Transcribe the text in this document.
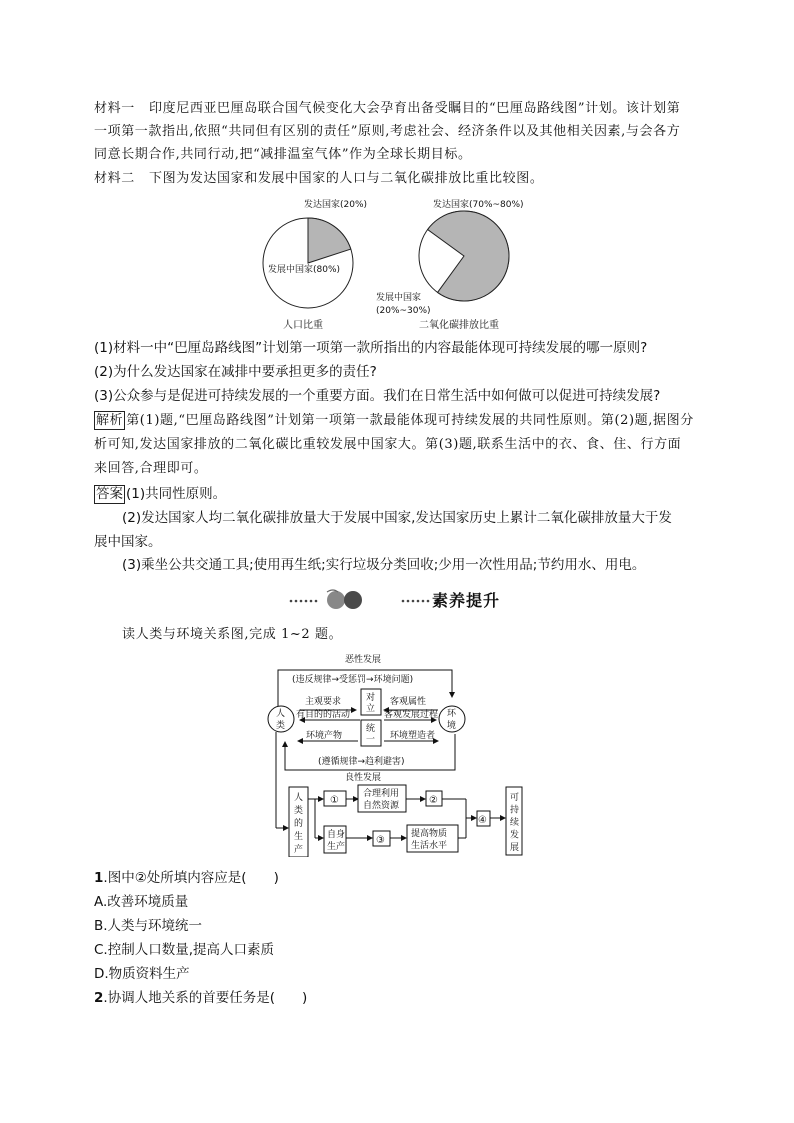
材料一 印度尼西亚巴厘岛联合国气候变化大会孕育出备受瞩目的“巴厘岛路线图”计划。该计划第
一项第一款指出,依照“共同但有区别的责任”原则,考虑社会、经济条件以及其他相关因素,与会各方
同意长期合作,共同行动,把“减排温室气体”作为全球长期目标。
材料二 下图为发达国家和发展中国家的人口与二氧化碳排放比重比较图。
发达国家(20%)
发展中国家(80%)
人口比重
发达国家(70%~80%)
发展中国家
(20%~30%)
二氧化碳排放比重
(1)材料一中“巴厘岛路线图”计划第一项第一款所指出的内容最能体现可持续发展的哪一原则?
(2)为什么发达国家在减排中要承担更多的责任?
(3)公众参与是促进可持续发展的一个重要方面。我们在日常生活中如何做可以促进可持续发展?
解析 第(1)题,“巴厘岛路线图”计划第一项第一款最能体现可持续发展的共同性原则。第(2)题,据图分
析可知,发达国家排放的二氧化碳比重较发展中国家大。第(3)题,联系生活中的衣、食、住、行方面
来回答,合理即可。
答案 (1)共同性原则。
(2)发达国家人均二氧化碳排放量大于发展中国家,发达国家历史上累计二氧化碳排放量大于发
展中国家。
(3)乘坐公共交通工具;使用再生纸;实行垃圾分类回收;少用一次性用品;节约用水、用电。
素养提升
读人类与环境关系图,完成 1~2 题。
恶性发展
(违反规律→受惩罚→环境问题)
人
类
环
境
对
立
统
一
主观要求
有目的的活动
客观属性
客观发展过程
环境产物	环境塑造者
(遵循规律→趋利避害)
良性发展
人
类
的
生
产
①
合理利用
自然资源	②
自身
生产
③
提高物质
生活水平
④
可
持
续
发
展
1.图中②处所填内容应是(　　)
A.改善环境质量
B.人类与环境统一
C.控制人口数量,提高人口素质
D.物质资料生产
2.协调人地关系的首要任务是(　　)
